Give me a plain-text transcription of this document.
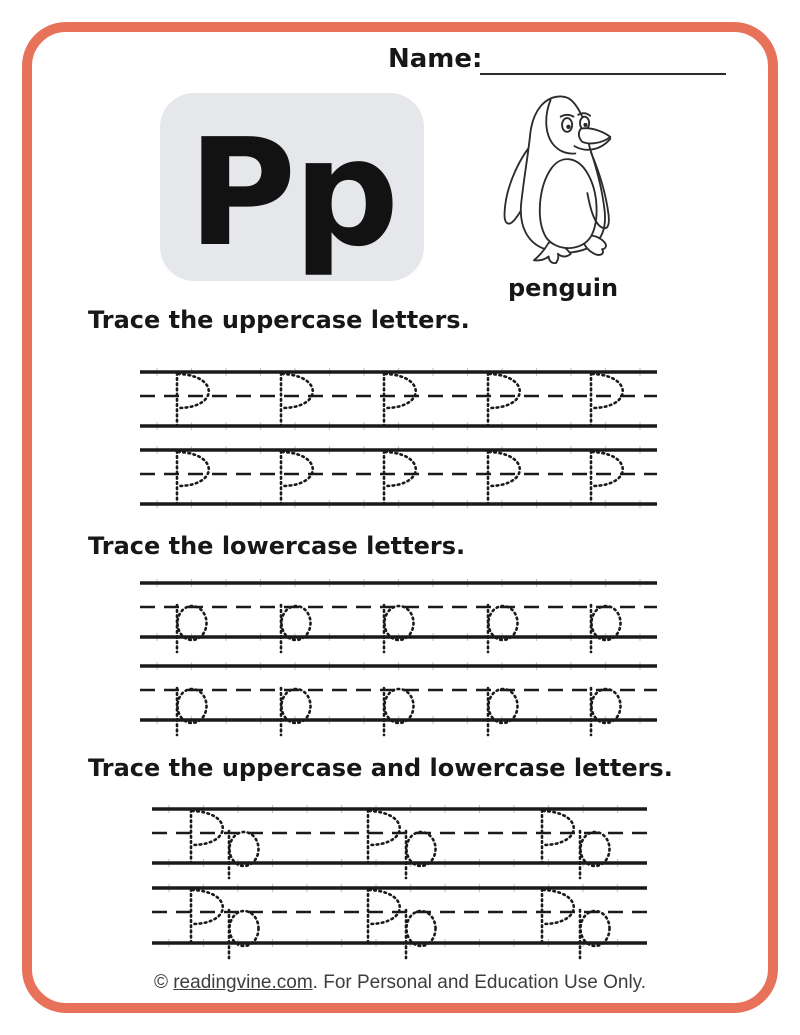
Name:
Pp
penguin
Trace the uppercase letters.
Trace the lowercase letters.
Trace the uppercase and lowercase letters.
© readingvine.com. For Personal and Education Use Only.
